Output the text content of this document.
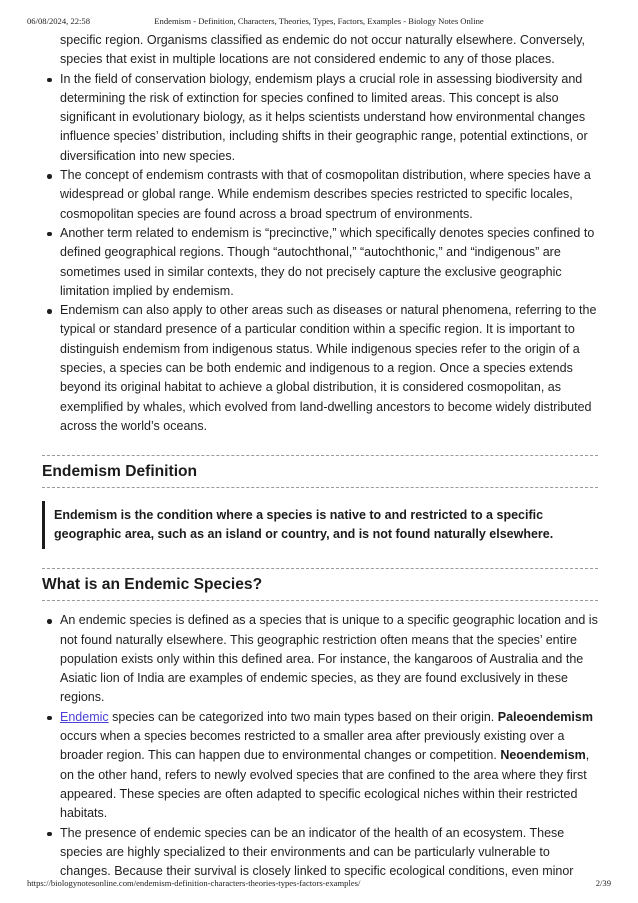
06/08/2024, 22:58	Endemism - Definition, Characters, Theories, Types, Factors, Examples - Biology Notes Online

specific region. Organisms classified as endemic do not occur naturally elsewhere. Conversely, species that exist in multiple locations are not considered endemic to any of those places.

In the field of conservation biology, endemism plays a crucial role in assessing biodiversity and determining the risk of extinction for species confined to limited areas. This concept is also significant in evolutionary biology, as it helps scientists understand how environmental changes influence species’ distribution, including shifts in their geographic range, potential extinctions, or diversification into new species.
The concept of endemism contrasts with that of cosmopolitan distribution, where species have a widespread or global range. While endemism describes species restricted to specific locales, cosmopolitan species are found across a broad spectrum of environments.
Another term related to endemism is “precinctive,” which specifically denotes species confined to defined geographical regions. Though “autochthonal,” “autochthonic,” and “indigenous” are sometimes used in similar contexts, they do not precisely capture the exclusive geographic limitation implied by endemism.
Endemism can also apply to other areas such as diseases or natural phenomena, referring to the typical or standard presence of a particular condition within a specific region. It is important to distinguish endemism from indigenous status. While indigenous species refer to the origin of a species, a species can be both endemic and indigenous to a region. Once a species extends beyond its original habitat to achieve a global distribution, it is considered cosmopolitan, as exemplified by whales, which evolved from land-dwelling ancestors to become widely distributed across the world’s oceans.
Endemism Definition
Endemism is the condition where a species is native to and restricted to a specific geographic area, such as an island or country, and is not found naturally elsewhere.
What is an Endemic Species?
An endemic species is defined as a species that is unique to a specific geographic location and is not found naturally elsewhere. This geographic restriction often means that the species’ entire population exists only within this defined area. For instance, the kangaroos of Australia and the Asiatic lion of India are examples of endemic species, as they are found exclusively in these regions.
Endemic species can be categorized into two main types based on their origin. Paleoendemism occurs when a species becomes restricted to a smaller area after previously existing over a broader region. This can happen due to environmental changes or competition. Neoendemism, on the other hand, refers to newly evolved species that are confined to the area where they first appeared. These species are often adapted to specific ecological niches within their restricted habitats.
The presence of endemic species can be an indicator of the health of an ecosystem. These species are highly specialized to their environments and can be particularly vulnerable to changes. Because their survival is closely linked to specific ecological conditions, even minor
https://biologynotesonline.com/endemism-definition-characters-theories-types-factors-examples/	2/39
